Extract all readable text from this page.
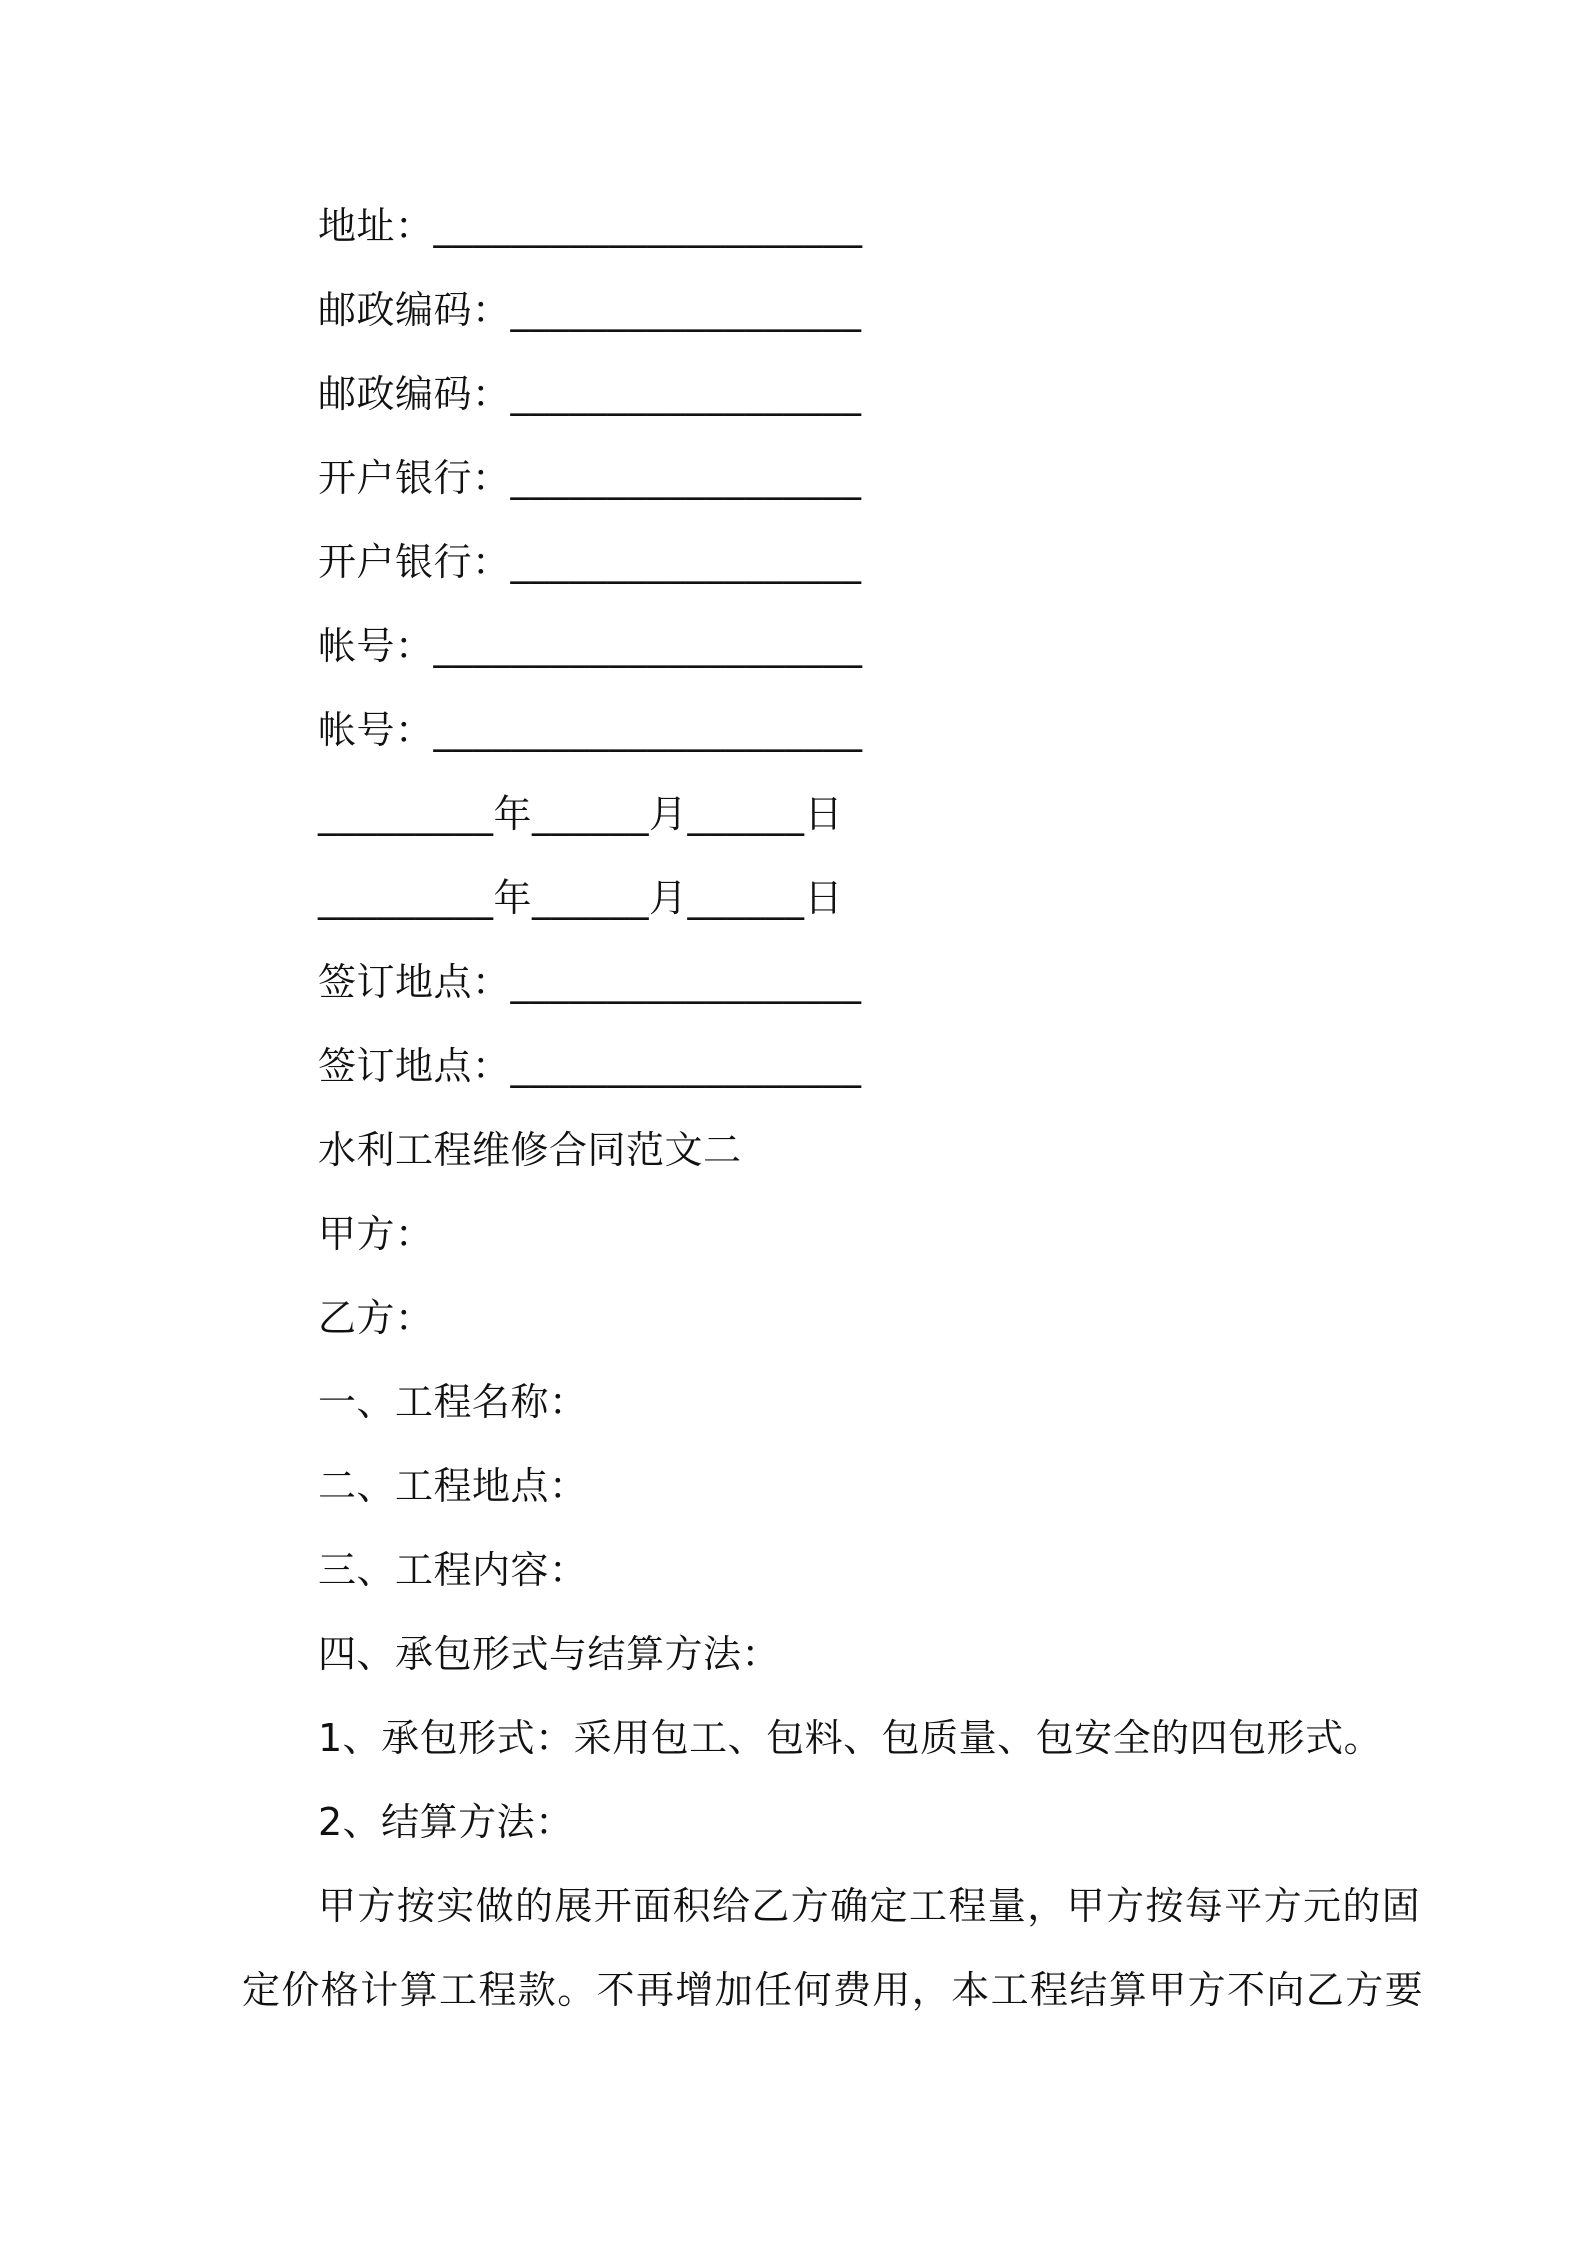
地址：______________________
邮政编码：__________________
邮政编码：__________________
开户银行：__________________
开户银行：__________________
帐号：______________________
帐号：______________________
_________年______月______日
_________年______月______日
签订地点：__________________
签订地点：__________________
水利工程维修合同范文二
甲方：
乙方：
一、工程名称：
二、工程地点：
三、工程内容：
四、承包形式与结算方法：
1、承包形式：采用包工、包料、包质量、包安全的四包形式。
2、结算方法：
甲方按实做的展开面积给乙方确定工程量，甲方按每平方元的固
定价格计算工程款。不再增加任何费用，本工程结算甲方不向乙方要
